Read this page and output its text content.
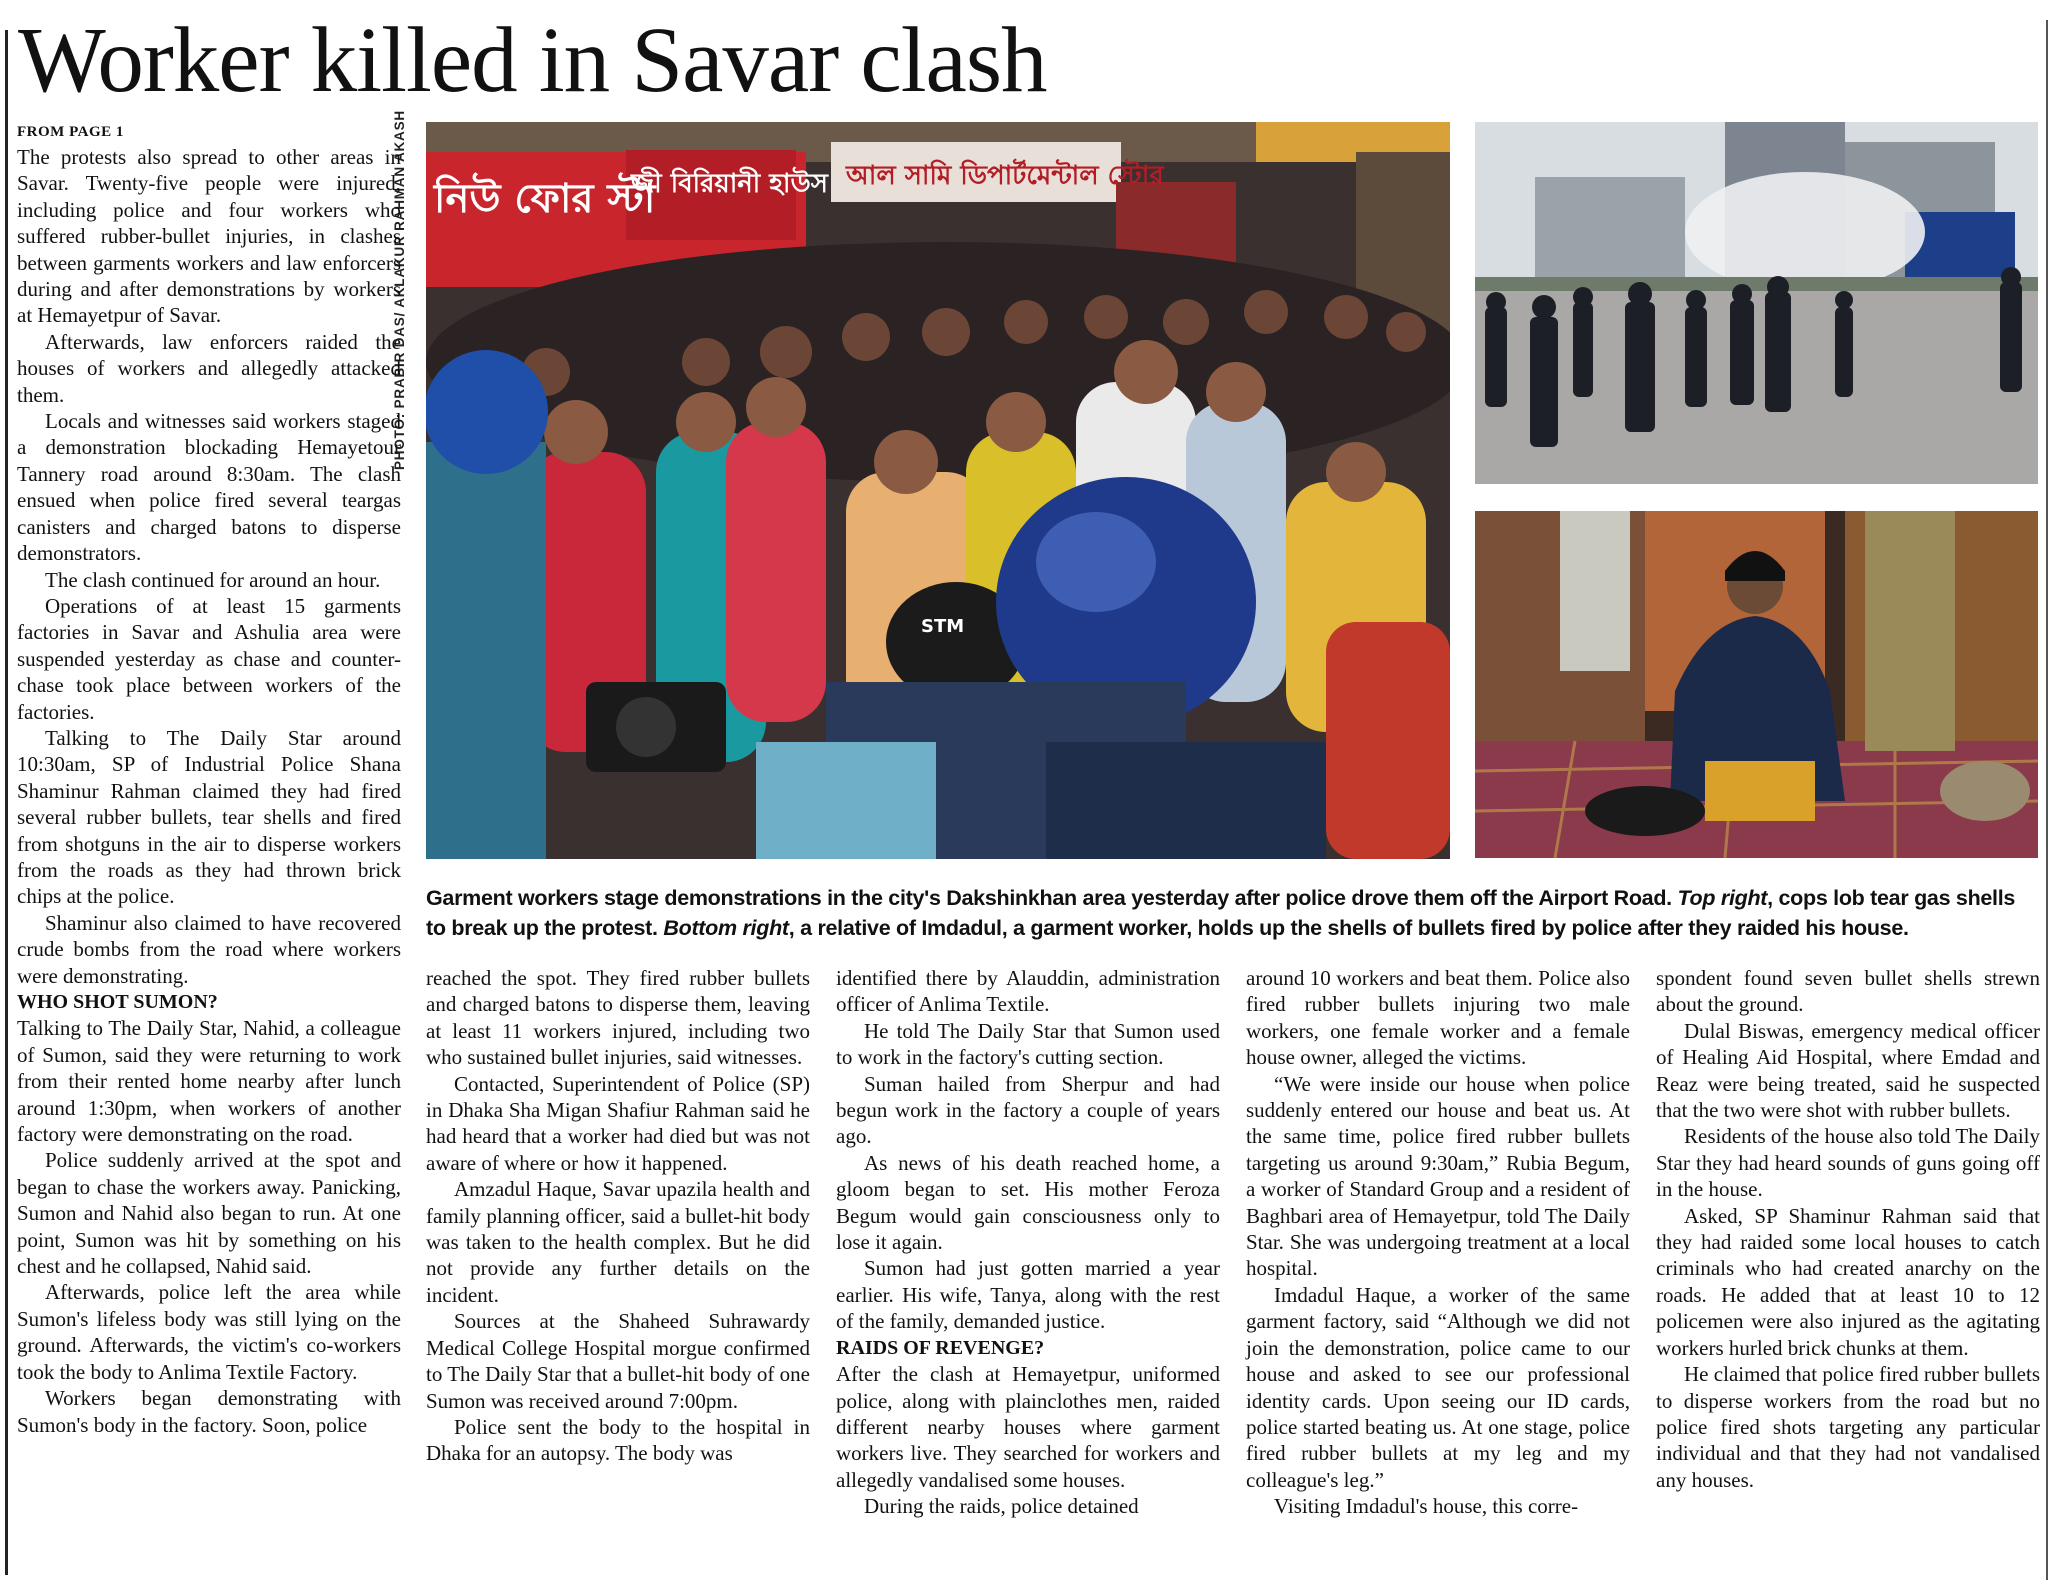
Worker killed in Savar clash
নিউ ফোর স্টা	আল সামি ডিপার্টমেন্টাল স্টোর
জী বিরিয়ানী হাউস
STM
PHOTO: PRABIR DAS/ AKLAKUR RAHMAN AKASH
Garment workers stage demonstrations in the city's Dakshinkhan area yesterday after police drove them off the Airport Road. Top right, cops lob tear gas shells to break up the protest. Bottom right, a relative of Imdadul, a garment worker, holds up the shells of bullets fired by police after they raided his house.
FROM PAGE 1

The protests also spread to other areas in Savar. Twenty-five people were injured, including police and four workers who suffered rubber-bullet injuries, in clashes between garments workers and law enforcers during and after demonstrations by workers at Hemayetpur of Savar.

Afterwards, law enforcers raided the houses of workers and allegedly attacked them.

Locals and witnesses said workers staged a demonstration blockading Hemayetour Tannery road around 8:30am. The clash ensued when police fired several teargas canisters and charged batons to disperse demonstrators.

The clash continued for around an hour.

Operations of at least 15 garments factories in Savar and Ashulia area were suspended yesterday as chase and counter-chase took place between workers of the factories.

Talking to The Daily Star around 10:30am, SP of Industrial Police Shana Shaminur Rahman claimed they had fired several rubber bullets, tear shells and fired from shotguns in the air to disperse workers from the roads as they had thrown brick chips at the police.

Shaminur also claimed to have recovered crude bombs from the road where workers were demonstrating.

WHO SHOT SUMON?

Talking to The Daily Star, Nahid, a colleague of Sumon, said they were returning to work from their rented home nearby after lunch around 1:30pm, when workers of another factory were demonstrating on the road.

Police suddenly arrived at the spot and began to chase the workers away. Panicking, Sumon and Nahid also began to run. At one point, Sumon was hit by something on his chest and he collapsed, Nahid said.

Afterwards, police left the area while Sumon's lifeless body was still lying on the ground. Afterwards, the victim's co-workers took the body to Anlima Textile Factory.

Workers began demonstrating with Sumon's body in the factory. Soon, police

reached the spot. They fired rubber bullets and charged batons to disperse them, leaving at least 11 workers injured, including two who sustained bullet injuries, said witnesses.

Contacted, Superintendent of Police (SP) in Dhaka Sha Migan Shafiur Rahman said he had heard that a worker had died but was not aware of where or how it happened.

Amzadul Haque, Savar upazila health and family planning officer, said a bullet-hit body was taken to the health complex. But he did not provide any further details on the incident.

Sources at the Shaheed Suhrawardy Medical College Hospital morgue confirmed to The Daily Star that a bullet-hit body of one Sumon was received around 7:00pm.

Police sent the body to the hospital in Dhaka for an autopsy. The body was

identified there by Alauddin, administration officer of Anlima Textile.

He told The Daily Star that Sumon used to work in the factory's cutting section.

Suman hailed from Sherpur and had begun work in the factory a couple of years ago.

As news of his death reached home, a gloom began to set. His mother Feroza Begum would gain consciousness only to lose it again.

Sumon had just gotten married a year earlier. His wife, Tanya, along with the rest of the family, demanded justice.

RAIDS OF REVENGE?

After the clash at Hemayetpur, uniformed police, along with plainclothes men, raided different nearby houses where garment workers live. They searched for workers and allegedly vandalised some houses.

During the raids, police detained

around 10 workers and beat them. Police also fired rubber bullets injuring two male workers, one female worker and a female house owner, alleged the victims.

“We were inside our house when police suddenly entered our house and beat us. At the same time, police fired rubber bullets targeting us around 9:30am,” Rubia Begum, a worker of Standard Group and a resident of Baghbari area of Hemayetpur, told The Daily Star. She was undergoing treatment at a local hospital.

Imdadul Haque, a worker of the same garment factory, said “Although we did not join the demonstration, police came to our house and asked to see our professional identity cards. Upon seeing our ID cards, police started beating us. At one stage, police fired rubber bullets at my leg and my colleague's leg.”

Visiting Imdadul's house, this corre-

spondent found seven bullet shells strewn about the ground.

Dulal Biswas, emergency medical officer of Healing Aid Hospital, where Emdad and Reaz were being treated, said he suspected that the two were shot with rubber bullets.

Residents of the house also told The Daily Star they had heard sounds of guns going off in the house.

Asked, SP Shaminur Rahman said that they had raided some local houses to catch criminals who had created anarchy on the roads. He added that at least 10 to 12 policemen were also injured as the agitating workers hurled brick chunks at them.

He claimed that police fired rubber bullets to disperse workers from the road but no police fired shots targeting any particular individual and that they had not vandalised any houses.
